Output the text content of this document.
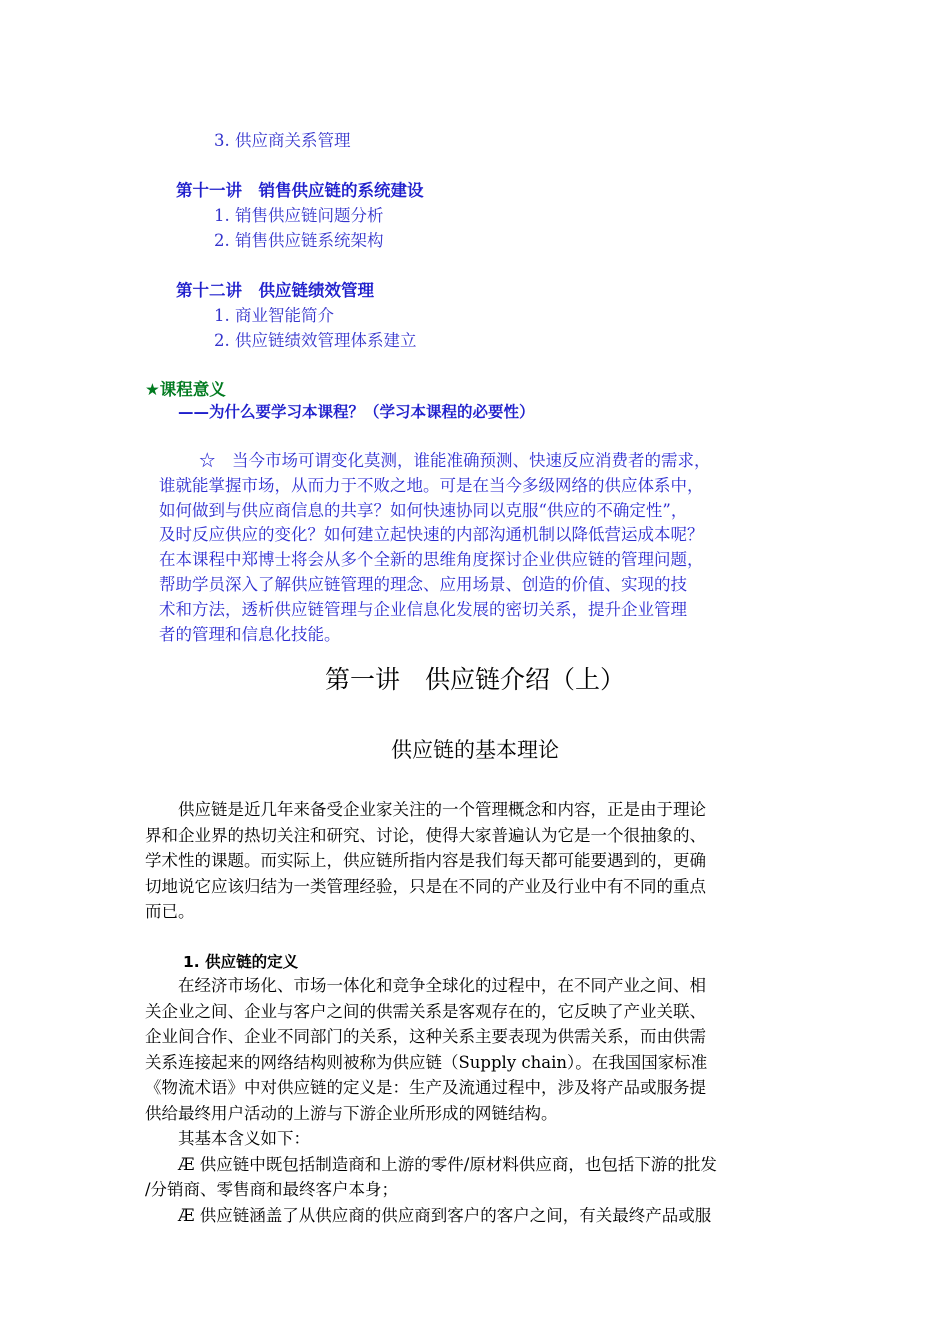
3. 供应商关系管理
第十一讲　销售供应链的系统建设
1. 销售供应链问题分析
2. 销售供应链系统架构
第十二讲　供应链绩效管理
1. 商业智能简介
2. 供应链绩效管理体系建立
★课程意义
——为什么要学习本课程？（学习本课程的必要性）

☆　当今市场可谓变化莫测，谁能准确预测、快速反应消费者的需求，

谁就能掌握市场，从而力于不败之地。可是在当今多级网络的供应体系中，

如何做到与供应商信息的共享？如何快速协同以克服“供应的不确定性”，

及时反应供应的变化？如何建立起快速的内部沟通机制以降低营运成本呢？

在本课程中郑博士将会从多个全新的思维角度探讨企业供应链的管理问题，

帮助学员深入了解供应链管理的理念、应用场景、创造的价值、实现的技

术和方法，透析供应链管理与企业信息化发展的密切关系，提升企业管理

者的管理和信息化技能。

第一讲　供应链介绍（上）
供应链的基本理论

　　供应链是近几年来备受企业家关注的一个管理概念和内容，正是由于理论

界和企业界的热切关注和研究、讨论，使得大家普遍认为它是一个很抽象的、

学术性的课题。而实际上，供应链所指内容是我们每天都可能要遇到的，更确

切地说它应该归结为一类管理经验，只是在不同的产业及行业中有不同的重点

而已。

1. 供应链的定义

　　在经济市场化、市场一体化和竞争全球化的过程中，在不同产业之间、相

关企业之间、企业与客户之间的供需关系是客观存在的，它反映了产业关联、

企业间合作、企业不同部门的关系，这种关系主要表现为供需关系，而由供需

关系连接起来的网络结构则被称为供应链（Supply chain）。在我国国家标准

《物流术语》中对供应链的定义是：生产及流通过程中，涉及将产品或服务提

供给最终用户活动的上游与下游企业所形成的网链结构。

　　其基本含义如下：

　　Æ 供应链中既包括制造商和上游的零件/原材料供应商，也包括下游的批发

/分销商、零售商和最终客户本身；

　　Æ 供应链涵盖了从供应商的供应商到客户的客户之间，有关最终产品或服
